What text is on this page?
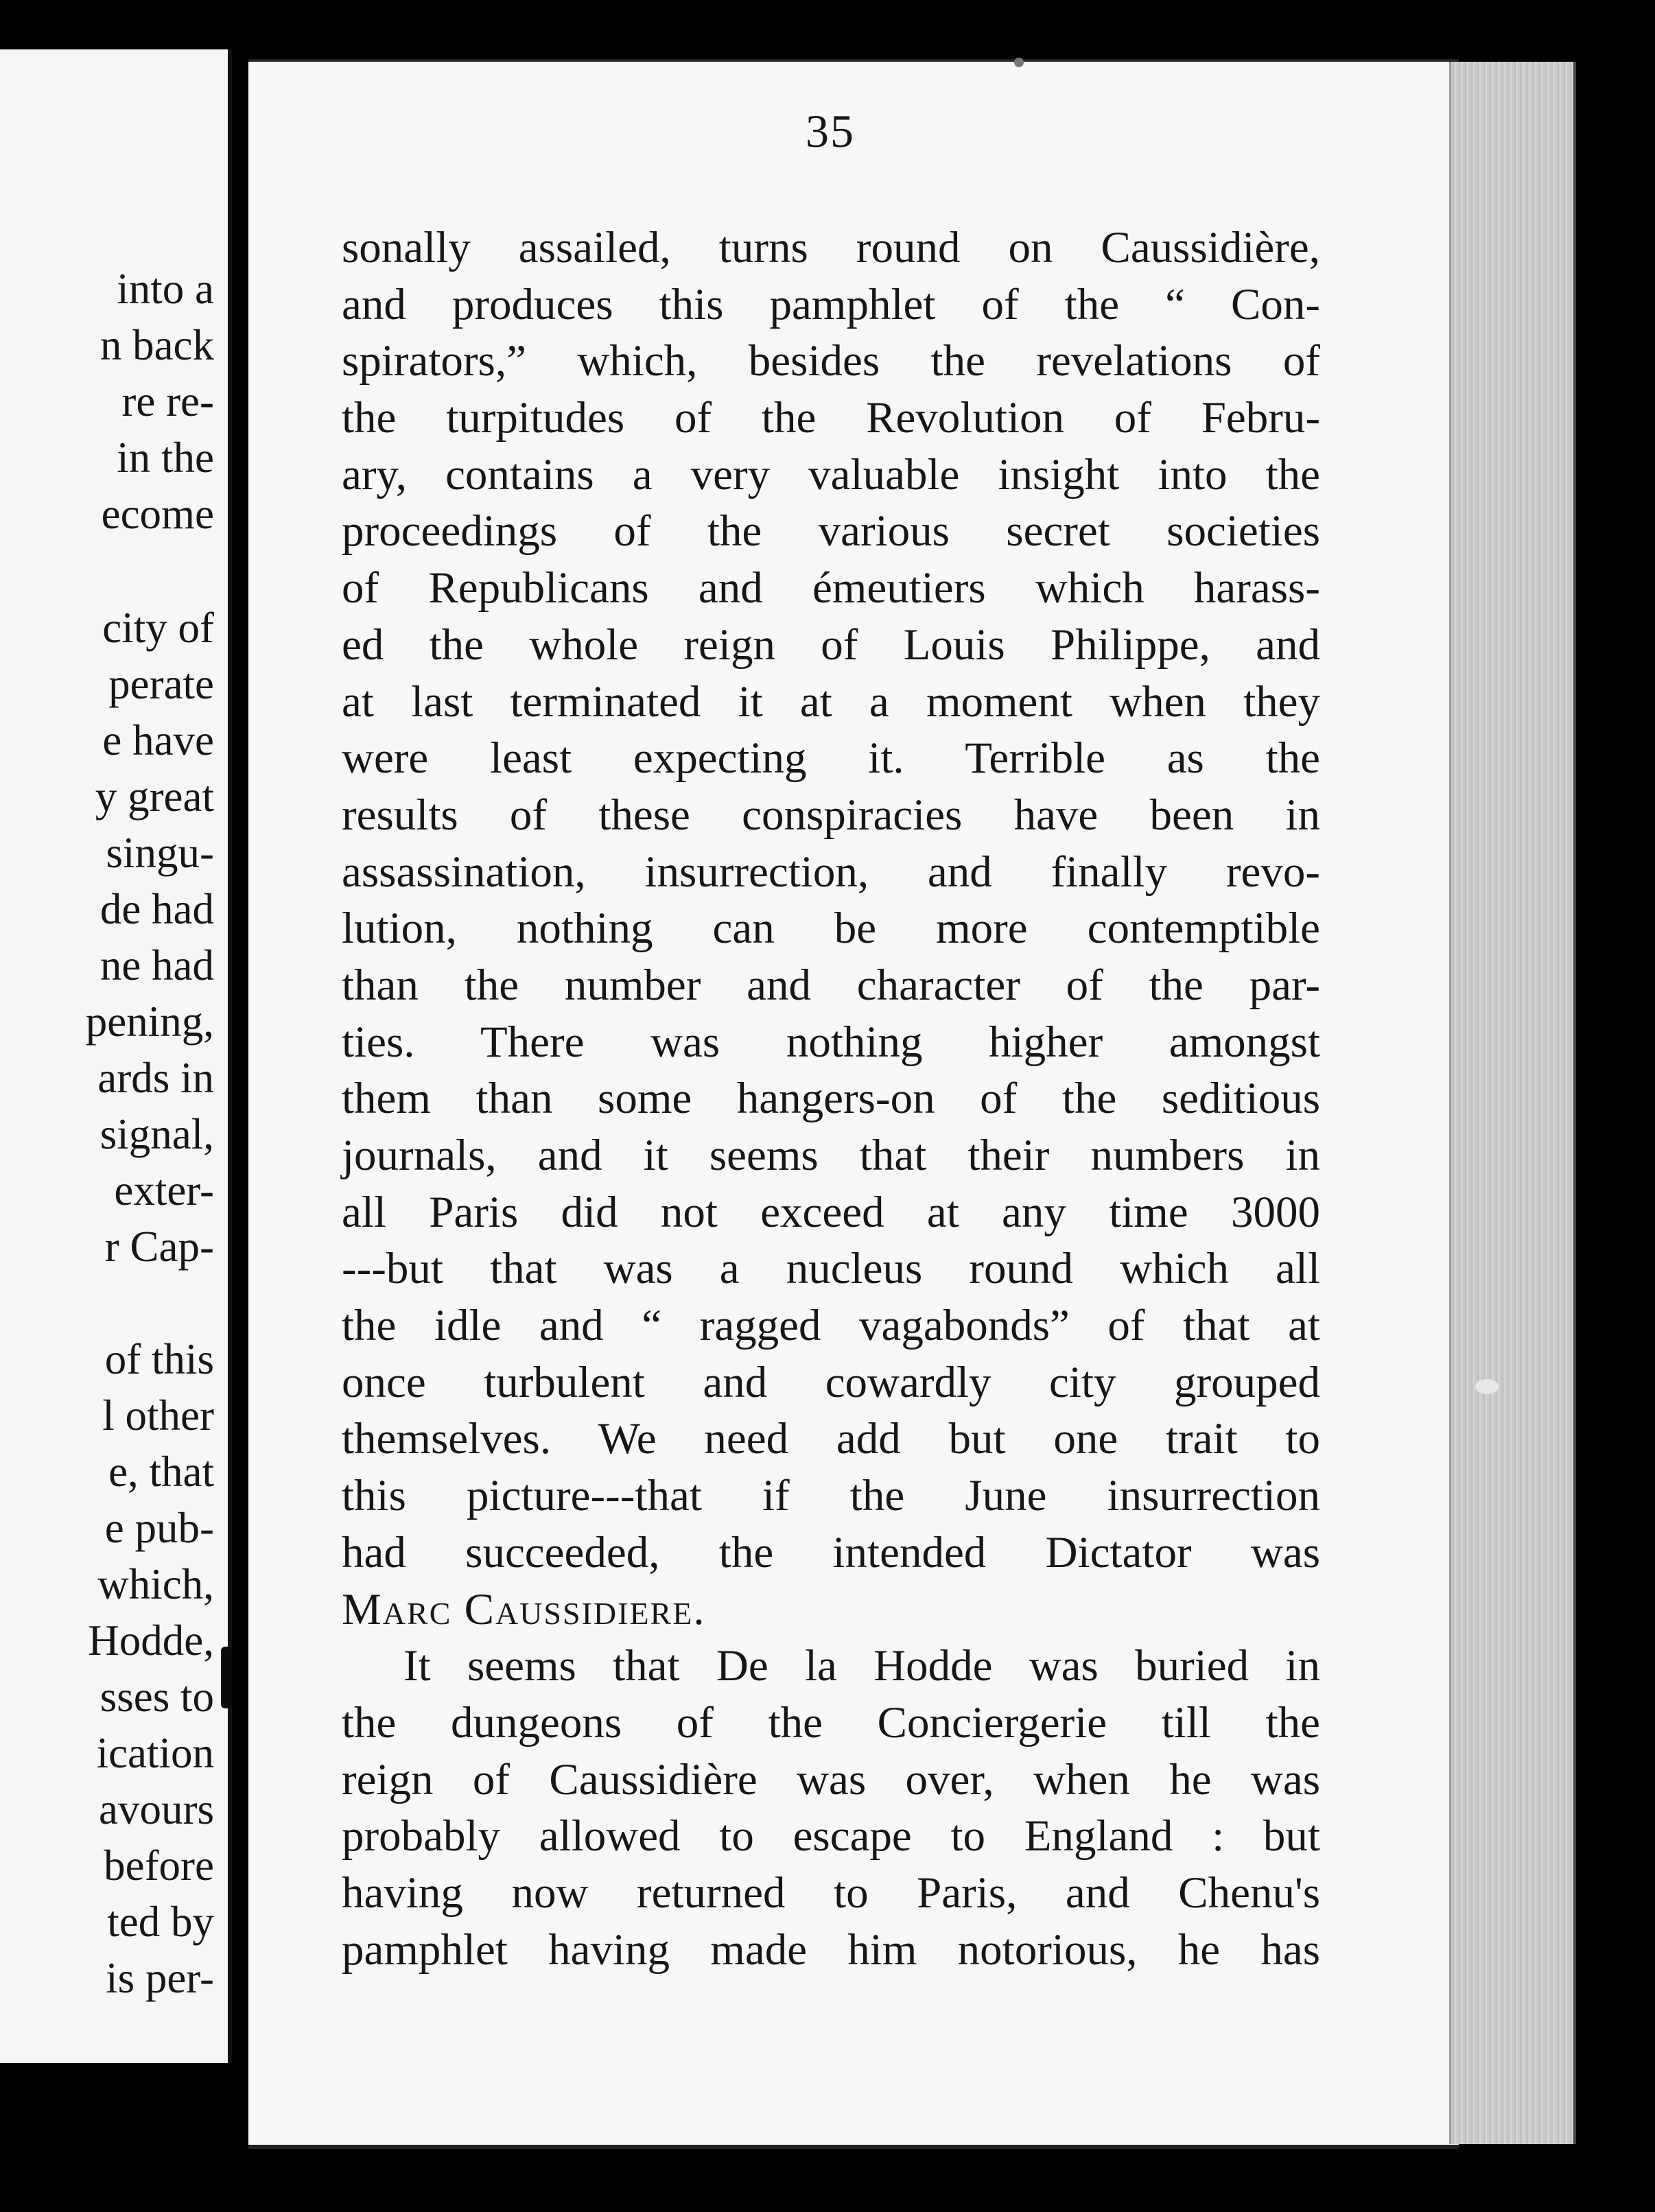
into a
n back
re re-
in the
ecome
city of
perate
e have
y great
singu-
de had
ne had
pening,
ards in
signal,
exter-
r Cap-
of this
l other
e, that
e pub-
which,
Hodde,
sses to
ication
avours
before
ted by
is per-
35
sonally assailed, turns round on Caussidière,
and produces this pamphlet of the “ Con-
spirators,” which, besides the revelations of
the turpitudes of the Revolution of Febru-
ary, contains a very valuable insight into the
proceedings of the various secret societies
of Republicans and émeutiers which harass-
ed the whole reign of Louis Philippe, and
at last terminated it at a moment when they
were least expecting it. Terrible as the
results of these conspiracies have been in
assassination, insurrection, and finally revo-
lution, nothing can be more contemptible
than the number and character of the par-
ties. There was nothing higher amongst
them than some hangers-on of the seditious
journals, and it seems that their numbers in
all Paris did not exceed at any time 3000
---but that was a nucleus round which all
the idle and “ ragged vagabonds” of that at
once turbulent and cowardly city grouped
themselves. We need add but one trait to
this picture---that if the June insurrection
had succeeded, the intended Dictator was
Marc Caussidiere.
It seems that De la Hodde was buried in
the dungeons of the Conciergerie till the
reign of Caussidière was over, when he was
probably allowed to escape to England : but
having now returned to Paris, and Chenu's
pamphlet having made him notorious, he has
